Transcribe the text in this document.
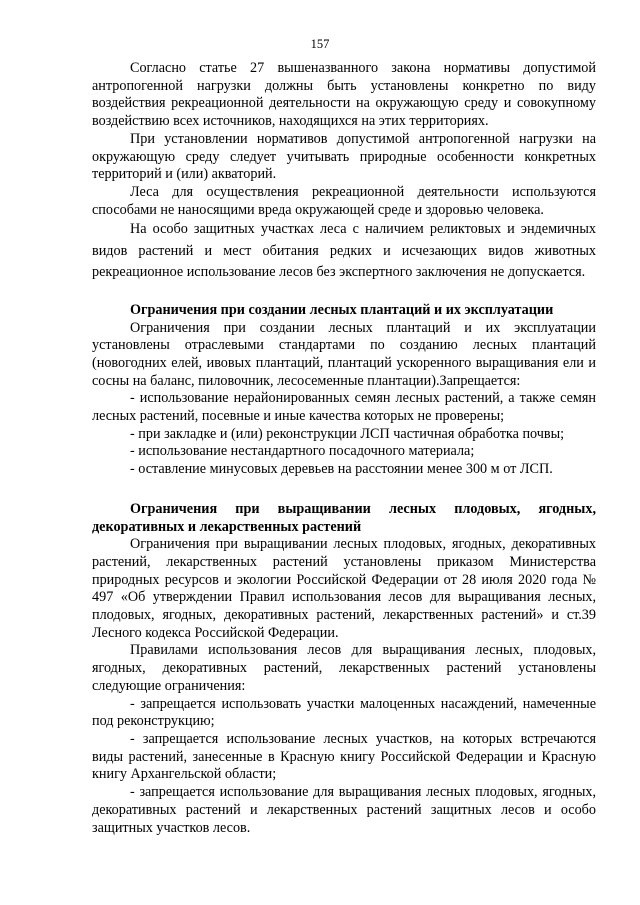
157

Согласно статье 27 вышеназванного закона нормативы допустимой антропогенной нагрузки должны быть установлены конкретно по виду воздействия рекреационной деятельности на окружающую среду и совокупному воздействию всех источников, находящихся на этих территориях.

При установлении нормативов допустимой антропогенной нагрузки на окружающую среду следует учитывать природные особенности конкретных территорий и (или) акваторий.

Леса для осуществления рекреационной деятельности используются способами не наносящими вреда окружающей среде и здоровью человека.

На особо защитных участках леса с наличием реликтовых и эндемичных видов растений и мест обитания редких и исчезающих видов животных рекреационное использование лесов без экспертного заключения не допускается.

Ограничения при создании лесных плантаций и их эксплуатации

Ограничения при создании лесных плантаций и их эксплуатации установлены отраслевыми стандартами по созданию лесных плантаций (новогодних елей, ивовых плантаций, плантаций ускоренного выращивания ели и сосны на баланс, пиловочник, лесосеменные плантации).Запрещается:

- использование нерайонированных семян лесных растений, а также семян лесных растений, посевные и иные качества которых не проверены;

- при закладке и (или) реконструкции ЛСП частичная обработка почвы;

- использование нестандартного посадочного материала;

- оставление минусовых деревьев на расстоянии менее 300 м от ЛСП.

Ограничения при выращивании лесных плодовых, ягодных, декоративных и лекарственных растений

Ограничения при выращивании лесных плодовых, ягодных, декоративных растений, лекарственных растений установлены приказом Министерства природных ресурсов и экологии Российской Федерации от 28 июля 2020 года № 497 «Об утверждении Правил использования лесов для выращивания лесных, плодовых, ягодных, декоративных растений, лекарственных растений» и ст.39 Лесного кодекса Российской Федерации.

Правилами использования лесов для выращивания лесных, плодовых, ягодных, декоративных растений, лекарственных растений установлены следующие ограничения:

- запрещается использовать участки малоценных насаждений, намеченные под реконструкцию;

- запрещается использование лесных участков, на которых встречаются виды растений, занесенные в Красную книгу Российской Федерации и Красную книгу Архангельской области;

- запрещается использование для выращивания лесных плодовых, ягодных, декоративных растений и лекарственных растений защитных лесов и особо защитных участков лесов.
